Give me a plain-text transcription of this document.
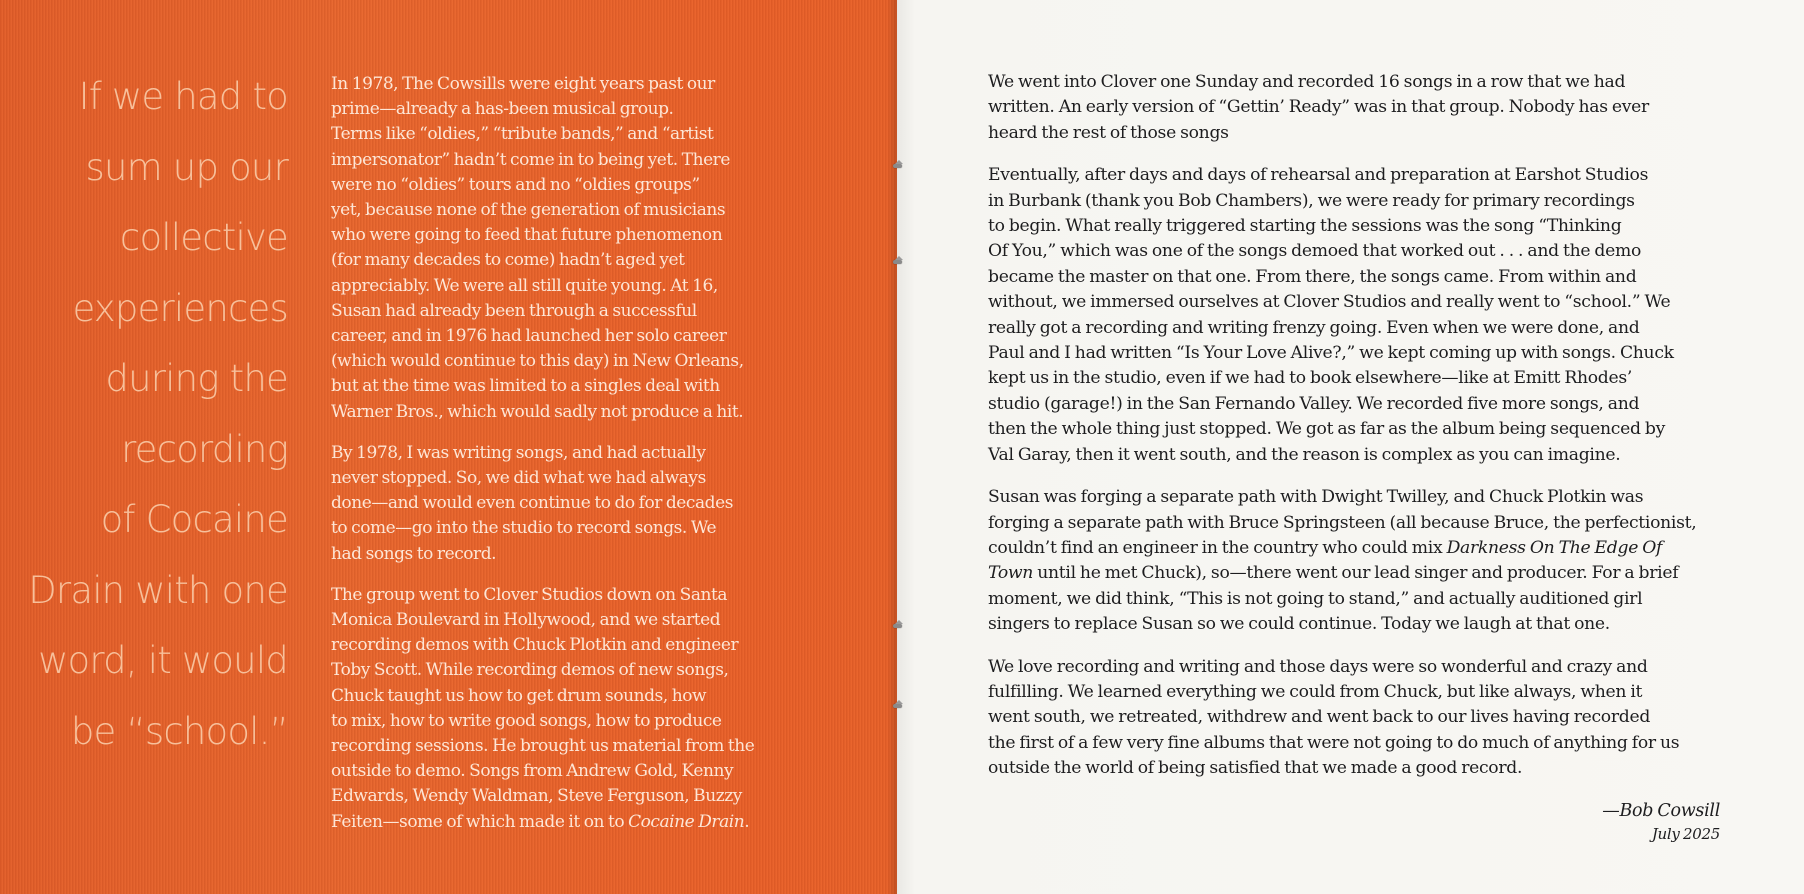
If we had to
sum up our
collective
experiences
during the
recording
of Cocaine
Drain with one
word, it would
be “school.”

In 1978, The Cowsills were eight years past our
prime—already a has-been musical group.
Terms like “oldies,” “tribute bands,” and “artist
impersonator” hadn’t come in to being yet. There
were no “oldies” tours and no “oldies groups”
yet, because none of the generation of musicians
who were going to feed that future phenomenon
(for many decades to come) hadn’t aged yet
appreciably. We were all still quite young. At 16,
Susan had already been through a successful
career, and in 1976 had launched her solo career
(which would continue to this day) in New Orleans,
but at the time was limited to a singles deal with
Warner Bros., which would sadly not produce a hit.

By 1978, I was writing songs, and had actually
never stopped. So, we did what we had always
done—and would even continue to do for decades
to come—go into the studio to record songs. We
had songs to record.

The group went to Clover Studios down on Santa
Monica Boulevard in Hollywood, and we started
recording demos with Chuck Plotkin and engineer
Toby Scott. While recording demos of new songs,
Chuck taught us how to get drum sounds, how
to mix, how to write good songs, how to produce
recording sessions. He brought us material from the
outside to demo. Songs from Andrew Gold, Kenny
Edwards, Wendy Waldman, Steve Ferguson, Buzzy
Feiten—some of which made it on to Cocaine Drain.

We went into Clover one Sunday and recorded 16 songs in a row that we had
written. An early version of “Gettin’ Ready” was in that group. Nobody has ever
heard the rest of those songs

Eventually, after days and days of rehearsal and preparation at Earshot Studios
in Burbank (thank you Bob Chambers), we were ready for primary recordings
to begin. What really triggered starting the sessions was the song “Thinking
Of You,” which was one of the songs demoed that worked out . . . and the demo
became the master on that one. From there, the songs came. From within and
without, we immersed ourselves at Clover Studios and really went to “school.” We
really got a recording and writing frenzy going. Even when we were done, and
Paul and I had written “Is Your Love Alive?,” we kept coming up with songs. Chuck
kept us in the studio, even if we had to book elsewhere—like at Emitt Rhodes’
studio (garage!) in the San Fernando Valley. We recorded five more songs, and
then the whole thing just stopped. We got as far as the album being sequenced by
Val Garay, then it went south, and the reason is complex as you can imagine.

Susan was forging a separate path with Dwight Twilley, and Chuck Plotkin was
forging a separate path with Bruce Springsteen (all because Bruce, the perfectionist,
couldn’t find an engineer in the country who could mix Darkness On The Edge Of
Town until he met Chuck), so—there went our lead singer and producer. For a brief
moment, we did think, “This is not going to stand,” and actually auditioned girl
singers to replace Susan so we could continue. Today we laugh at that one.

We love recording and writing and those days were so wonderful and crazy and
fulfilling. We learned everything we could from Chuck, but like always, when it
went south, we retreated, withdrew and went back to our lives having recorded
the first of a few very fine albums that were not going to do much of anything for us
outside the world of being satisfied that we made a good record.

—Bob Cowsill
July 2025
